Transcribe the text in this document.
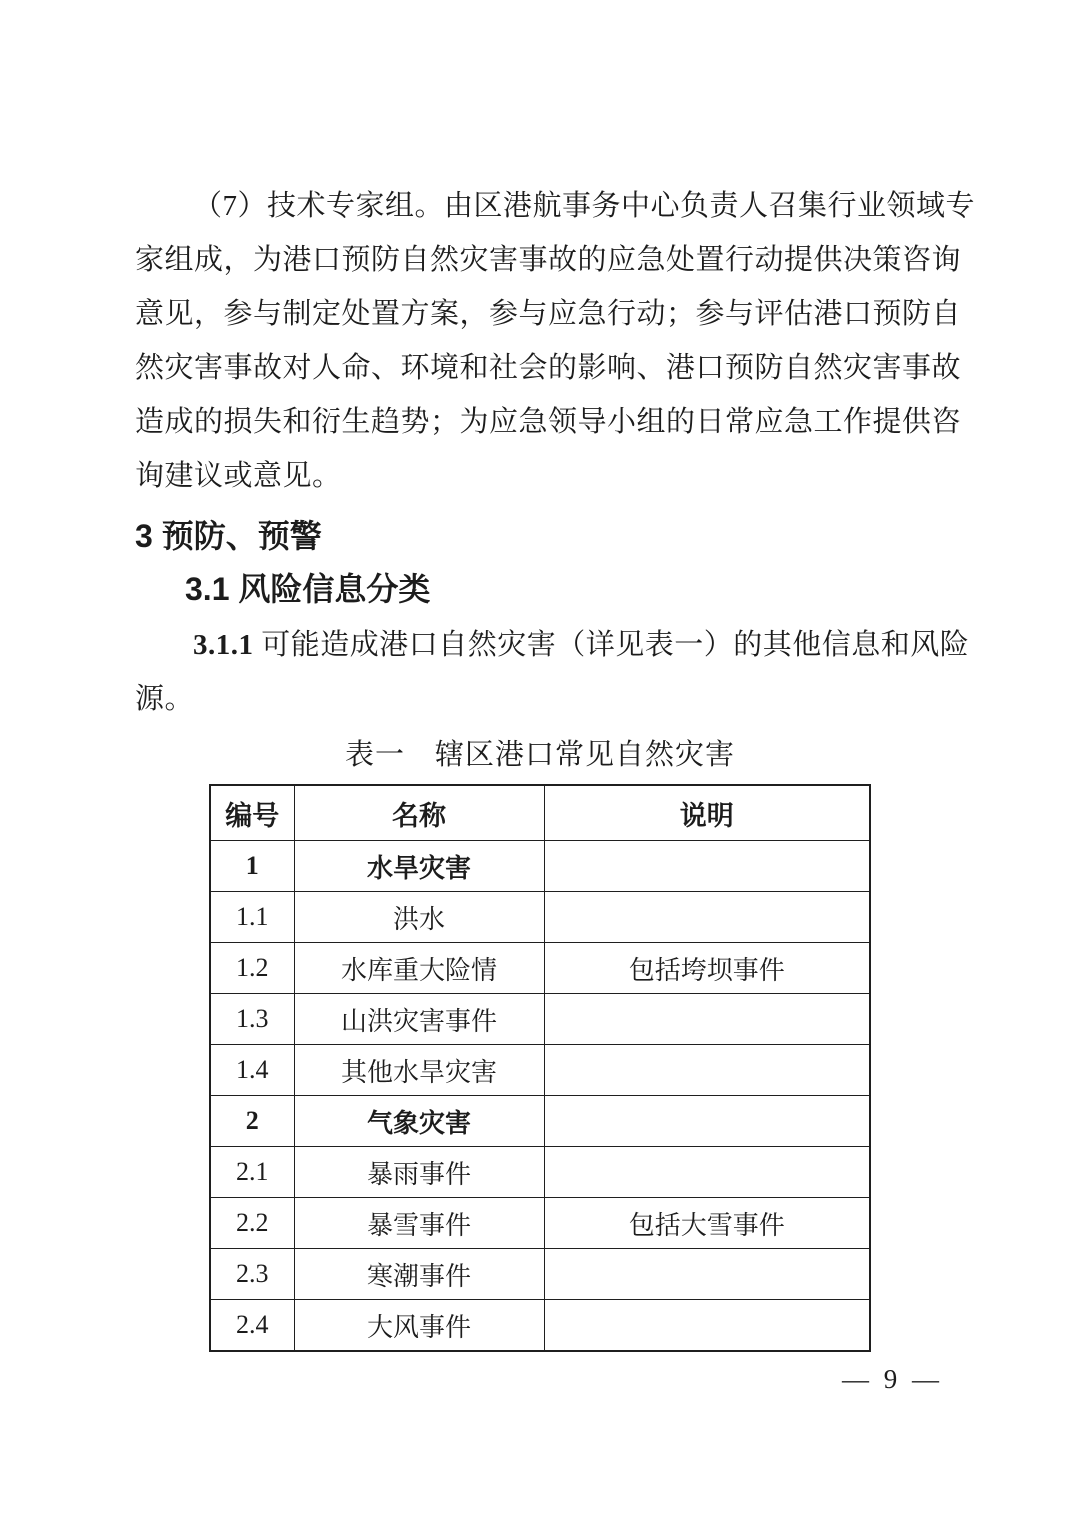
（7）技术专家组。由区港航事务中心负责人召集行业领域专
家组成，为港口预防自然灾害事故的应急处置行动提供决策咨询
意见，参与制定处置方案，参与应急行动；参与评估港口预防自
然灾害事故对人命、环境和社会的影响、港口预防自然灾害事故
造成的损失和衍生趋势；为应急领导小组的日常应急工作提供咨
询建议或意见。
3 预防、预警
3.1 风险信息分类
3.1.1 可能造成港口自然灾害（详见表一）的其他信息和风险
源。
表一　辖区港口常见自然灾害
编号	名称	说明
1	水旱灾害	
1.1	洪水	
1.2	水库重大险情	包括垮坝事件
1.3	山洪灾害事件	
1.4	其他水旱灾害	
2	气象灾害	
2.1	暴雨事件	
2.2	暴雪事件	包括大雪事件
2.3	寒潮事件	
2.4	大风事件	
— 9 —
